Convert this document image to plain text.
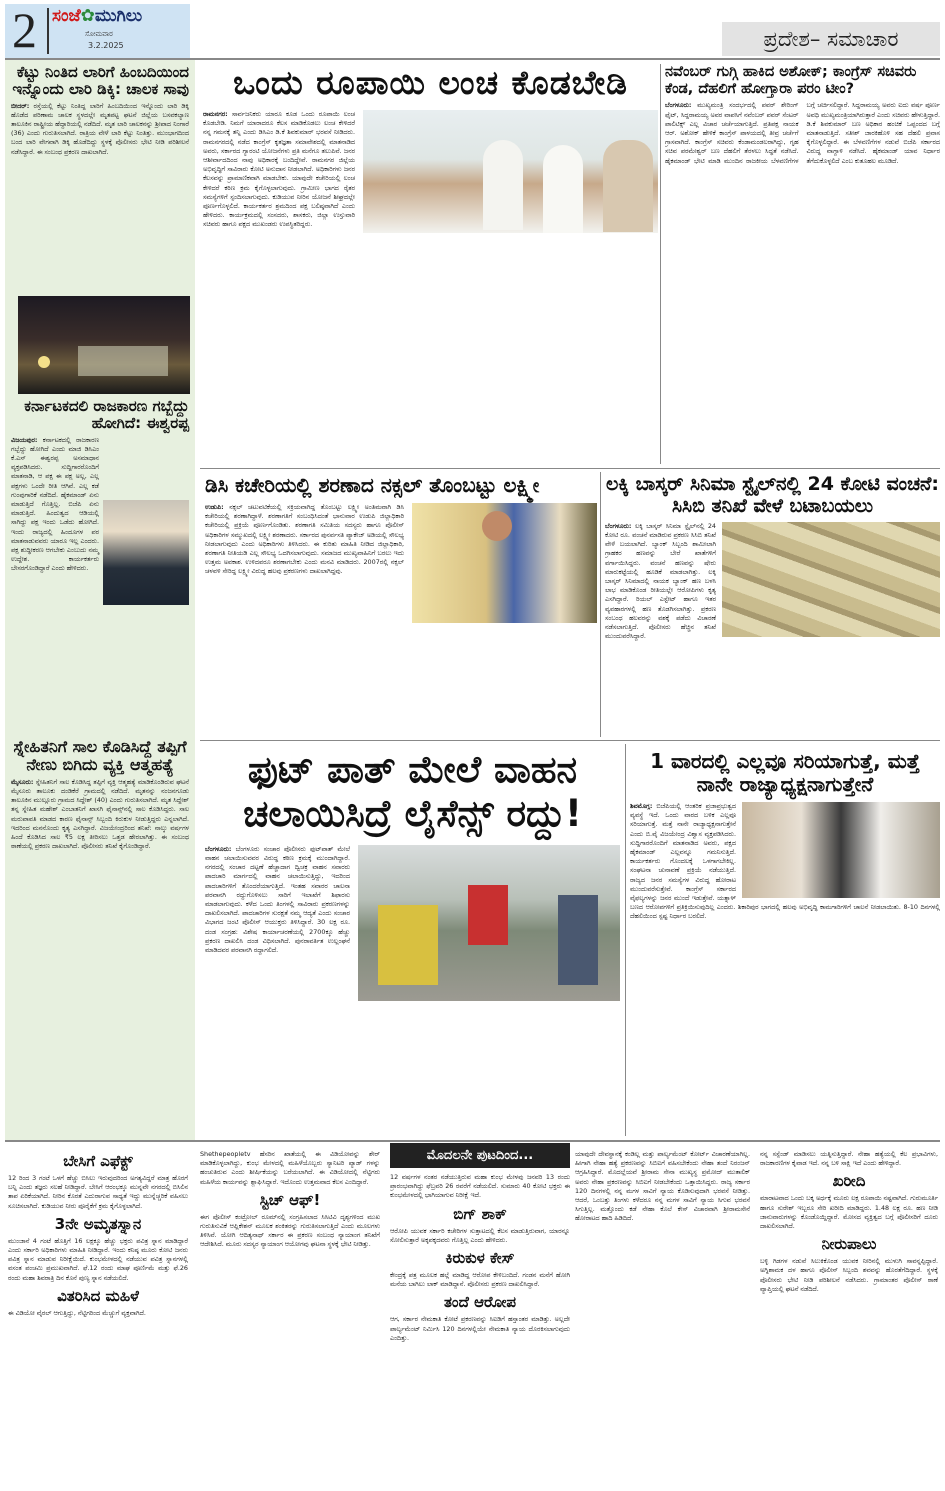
2 ಸಂಜೆ✿ಮುಗಿಲು
ಸೋಮವಾರ
3.2.2025	ಪ್ರದೇಶ– ಸಮಾಚಾರ
ಕೆಟ್ಟು ನಿಂತಿದ ಲಾರಿಗೆ ಹಿಂಬದಿಯಿಂದ ಇನ್ನೊಂದು ಲಾರಿ ಡಿಕ್ಕಿ: ಚಾಲಕ ಸಾವು
ಬೀದರ್: ರಸ್ತೆಯಲ್ಲಿ ಕೆಟ್ಟು ನಿಂತಿದ್ದ ಲಾರಿಗೆ ಹಿಂಬದಿಯಿಂದ ಇನ್ನೊಂದು ಲಾರಿ ಡಿಕ್ಕಿ ಹೊಡೆದ ಪರಿಣಾಮ ಚಾಲಕ ಸ್ಥಳದಲ್ಲೇ ಮೃತಪಟ್ಟ ಘಟನೆ ಜಿಲ್ಲೆಯ ಬಸವಕಲ್ಯಾಣ ತಾಲೂಕಿನ ರಾಷ್ಟ್ರೀಯ ಹೆದ್ದಾರಿಯಲ್ಲಿ ನಡೆದಿದೆ. ಮೃತ ಲಾರಿ ಚಾಲಕನನ್ನು ಶ್ರೀಪಾದ ನಿಂಗಾರೆ (36) ಎಂದು ಗುರುತಿಸಲಾಗಿದೆ. ರಾತ್ರಿಯ ವೇಳೆ ಲಾರಿ ಕೆಟ್ಟು ನಿಂತಿತ್ತು. ಮುಂಭಾಗದಿಂದ ಬಂದ ಲಾರಿ ವೇಗವಾಗಿ ಡಿಕ್ಕಿ ಹೊಡೆದಿದ್ದು ಸ್ಥಳಕ್ಕೆ ಪೊಲೀಸರು ಭೇಟಿ ನೀಡಿ ಪರಿಶೀಲನೆ ನಡೆಸಿದ್ದಾರೆ. ಈ ಸಂಬಂಧ ಪ್ರಕರಣ ದಾಖಲಾಗಿದೆ.
ಕರ್ನಾಟಕದಲಿ ರಾಜಕಾರಣ ಗಬ್ಬೆದ್ದು ಹೋಗಿದೆ: ಈಶ್ವರಪ್ಪ
ವಿಜಯಪುರ: ಕರ್ನಾಟಕದಲ್ಲಿ ರಾಜಕಾರಣ ಗಬ್ಬೆದ್ದು ಹೋಗಿದೆ ಎಂದು ಮಾಜಿ ಡಿಸಿಎಂ ಕೆ.ಎಸ್ ಈಶ್ವರಪ್ಪ ಅಸಮಾಧಾನ ವ್ಯಕ್ತಪಡಿಸಿದರು. ಸುದ್ದಿಗಾರರೊಂದಿಗೆ ಮಾತನಾಡಿ, ಆ ಪಕ್ಷ ಈ ಪಕ್ಷ ಅಲ್ಲ, ಎಲ್ಲ ಪಕ್ಷಗಳು ಒಂದೇ ರೀತಿ ಆಗಿವೆ. ಎಲ್ಲ ಕಡೆ ಗುಂಪುಗಾರಿಕೆ ನಡೆದಿದೆ. ಹೈಕಮಾಂಡ್ ಏನು ಮಾಡುತ್ತಿದೆ ಗೊತ್ತಿಲ್ಲ. ಬಿಜೆಪಿ ಏನು ಮಾಡುತ್ತಿದೆ. ಹಿಂದುತ್ವದ ಆಡಿಯಲ್ಲಿ ಸಾಗಿದ್ದು ಪಕ್ಷ ಇಂದು ಒಡೆದು ಹೋಗಿದೆ. ಇಂದು ರಾಜ್ಯದಲ್ಲಿ ಹಿಂದೂಗಳ ಪರ ಮಾತನಾಡುವವರು ಯಾರೂ ಇಲ್ಲ ಎಂದರು. ಪಕ್ಷ ಶುದ್ಧೀಕರಣ ಆಗಬೇಕು ಎಂಬುದು ನಮ್ಮ ಉದ್ದೇಶ. ಕಾರ್ಯಕರ್ತರು ಬೇಸರಗೊಂಡಿದ್ದಾರೆ ಎಂದು ಹೇಳಿದರು.
ಸ್ನೇಹಿತನಿಗೆ ಸಾಲ ಕೊಡಿಸಿದ್ದೆ ತಪ್ಪಿಗೆ ನೇಣು ಬಿಗಿದು ವ್ಯಕ್ತಿ ಆತ್ಮಹತ್ಯೆ
ಮೈಸೂರು: ಸ್ನೇಹಿತನಿಗೆ ಸಾಲ ಕೊಡಿಸಿದ್ದ ತಪ್ಪಿಗೆ ವ್ಯಕ್ತಿ ಆತ್ಮಹತ್ಯೆ ಮಾಡಿಕೊಂಡಿರುವ ಘಟನೆ ಮೈಸೂರು ತಾಲೂಕು ದಂಡಿಕೆರೆ ಗ್ರಾಮದಲ್ಲಿ ನಡೆದಿದೆ. ಮೃತನನ್ನು ನಂಜನಗೂಡು ತಾಲೂಕಿನ ಮುಲ್ಲೂರು ಗ್ರಾಮದ ಸಿದ್ದೇಶ್ (40) ಎಂದು ಗುರುತಿಸಲಾಗಿದೆ. ಮೃತ ಸಿದ್ದೇಶ್ ತನ್ನ ಸ್ನೇಹಿತ ಮಹೇಶ್ ಎಂಬಾತನಿಗೆ ಖಾಸಗಿ ಫೈನಾನ್ಸ್‌ನಲ್ಲಿ ಸಾಲ ಕೊಡಿಸಿದ್ದರು. ಸಾಲ ಮರುಪಾವತಿ ಮಾಡದ ಕಾರಣ ಫೈನಾನ್ಸ್ ಸಿಬ್ಬಂದಿ ಕಿರುಕುಳ ನೀಡುತ್ತಿದ್ದರು ಎನ್ನಲಾಗಿದೆ. ಇದರಿಂದ ಮನನೊಂದು ಕೃತ್ಯ ಎಸಗಿದ್ದಾರೆ. ವಿಜಯೇಂದ್ರರಿಂದ ತನಿಖೆ: ನಾಲ್ಕು ವರ್ಷಗಳ ಹಿಂದೆ ಕೊಡಿಸಿದ ಸಾಲ ₹5 ಲಕ್ಷ ತೀರಿಸಲು ಒತ್ತಡ ಹೇರಲಾಗಿತ್ತು. ಈ ಸಂಬಂಧ ಠಾಣೆಯಲ್ಲಿ ಪ್ರಕರಣ ದಾಖಲಾಗಿದೆ. ಪೊಲೀಸರು ತನಿಖೆ ಕೈಗೊಂಡಿದ್ದಾರೆ.
ಒಂದು ರೂಪಾಯಿ ಲಂಚ ಕೊಡಬೇಡಿ
ರಾಮನಗರ: ಸಾರ್ವಜನಿಕರು ಯಾರೂ ಕೂಡ ಒಂದು ರೂಪಾಯಿ ಲಂಚ ಕೊಡಬೇಡಿ. ನಿಮಗೆ ಯಾರಾದರೂ ಕೆಲಸ ಮಾಡಿಕೊಡಲು ಲಂಚ ಕೇಳಿದರೆ ನನ್ನ ಗಮನಕ್ಕೆ ತನ್ನಿ ಎಂದು ಡಿಸಿಎಂ ಡಿ.ಕೆ ಶಿವಕುಮಾರ್ ಭರವಸೆ ನೀಡಿದರು. ರಾಮನಗರದಲ್ಲಿ ನಡೆದ ಕಾಂಗ್ರೆಸ್ ಕೃತಜ್ಞತಾ ಸಮಾವೇಶದಲ್ಲಿ ಮಾತನಾಡಿದ ಅವರು, ಸರ್ಕಾರದ ಗ್ಯಾರಂಟಿ ಯೋಜನೆಗಳು ಪ್ರತಿ ಮನೆಗೂ ತಲುಪಿವೆ. ಜನರ ಆಶೀರ್ವಾದದಿಂದ ನಾವು ಅಧಿಕಾರಕ್ಕೆ ಬಂದಿದ್ದೇವೆ. ರಾಮನಗರ ಜಿಲ್ಲೆಯ ಅಭಿವೃದ್ಧಿಗೆ ಸಾವಿರಾರು ಕೋಟಿ ಅನುದಾನ ನೀಡಲಾಗಿದೆ. ಅಧಿಕಾರಿಗಳು ಜನರ ಕೆಲಸವನ್ನು ಪ್ರಾಮಾಣಿಕವಾಗಿ ಮಾಡಬೇಕು. ಯಾವುದೇ ಕಚೇರಿಯಲ್ಲಿ ಲಂಚ ಕೇಳಿದರೆ ಕಠಿಣ ಕ್ರಮ ಕೈಗೊಳ್ಳಲಾಗುವುದು. ಗ್ರಾಮೀಣ ಭಾಗದ ರೈತರ ಸಮಸ್ಯೆಗಳಿಗೆ ಸ್ಪಂದಿಸಲಾಗುವುದು. ಕುಡಿಯುವ ನೀರಿನ ಯೋಜನೆ ಶೀಘ್ರದಲ್ಲೇ ಪೂರ್ಣಗೊಳ್ಳಲಿದೆ. ಕಾರ್ಯಕರ್ತರ ಶ್ರಮದಿಂದ ಪಕ್ಷ ಬಲಿಷ್ಠವಾಗಿದೆ ಎಂದು ಹೇಳಿದರು. ಕಾರ್ಯಕ್ರಮದಲ್ಲಿ ಸಂಸದರು, ಶಾಸಕರು, ಜಿಲ್ಲಾ ಉಸ್ತುವಾರಿ ಸಚಿವರು ಹಾಗೂ ಪಕ್ಷದ ಮುಖಂಡರು ಉಪಸ್ಥಿತರಿದ್ದರು.
ನವೆಂಬರ್ ಗುಗ್ಗಿ ಹಾಕಿದ ಅಶೋಕ್; ಕಾಂಗ್ರೆಸ್ ಸಚಿವರು ಕೆಂಡ, ದೆಹಲಿಗೆ ಹೋಗ್ತಾರಾ ಪರಂ ಟೀಂ?
ಬೆಂಗಳೂರು: ಮುಖ್ಯಮಂತ್ರಿ ಸಂದರ್ಭದಲ್ಲಿ ಪವರ್ ಶೇರಿಂಗ್ ಫೈಟ್, ಸಿದ್ದರಾಮಯ್ಯ ಅವರ ವಾಪಸಿಗೆ ನವೆಂಬರ್ ಪವರ್ ಸೆಂಟರ್ ಪಾಲಿಟಿಕ್ಸ್ ಎಲ್ಲ ವಿಚಾರ ಚರ್ಚೆಯಾಗುತ್ತಿದೆ. ಪ್ರತಿಪಕ್ಷ ನಾಯಕ ಆರ್. ಅಶೋಕ್ ಹೇಳಿಕೆ ಕಾಂಗ್ರೆಸ್ ಪಾಳಯದಲ್ಲಿ ತೀವ್ರ ಚರ್ಚೆಗೆ ಗ್ರಾಸವಾಗಿದೆ. ಕಾಂಗ್ರೆಸ್ ಸಚಿವರು ಕೆಂಡಾಮಂಡಲರಾಗಿದ್ದು, ಗೃಹ ಸಚಿವ ಪರಮೇಶ್ವರ್ ಬಣ ದೆಹಲಿಗೆ ತೆರಳಲು ಸಿದ್ಧತೆ ನಡೆಸಿದೆ. ಹೈಕಮಾಂಡ್ ಭೇಟಿ ಮಾಡಿ ಮುಂದಿನ ರಾಜಕೀಯ ಬೆಳವಣಿಗೆಗಳ ಬಗ್ಗೆ ಚರ್ಚಿಸಲಿದ್ದಾರೆ. ಸಿದ್ದರಾಮಯ್ಯ ಅವರು ಐದು ವರ್ಷ ಪೂರ್ಣ ಅವಧಿ ಮುಖ್ಯಮಂತ್ರಿಯಾಗಿರುತ್ತಾರೆ ಎಂದು ಸಚಿವರು ಹೇಳುತ್ತಿದ್ದಾರೆ. ಡಿ.ಕೆ ಶಿವಕುಮಾರ್ ಬಣ ಅಧಿಕಾರ ಹಂಚಿಕೆ ಒಪ್ಪಂದದ ಬಗ್ಗೆ ಮಾತನಾಡುತ್ತಿದೆ. ಸತೀಶ್ ಜಾರಕಿಹೊಳಿ ಸಹ ದೆಹಲಿ ಪ್ರವಾಸ ಕೈಗೊಳ್ಳಲಿದ್ದಾರೆ. ಈ ಬೆಳವಣಿಗೆಗಳ ನಡುವೆ ಬಿಜೆಪಿ ಸರ್ಕಾರದ ವಿರುದ್ಧ ವಾಗ್ದಾಳಿ ನಡೆಸಿದೆ. ಹೈಕಮಾಂಡ್ ಯಾವ ನಿರ್ಧಾರ ತೆಗೆದುಕೊಳ್ಳಲಿದೆ ಎಂಬ ಕುತೂಹಲ ಮೂಡಿದೆ.
ಡಿಸಿ ಕಚೇರಿಯಲ್ಲಿ ಶರಣಾದ ನಕ್ಸಲ್ ತೊಂಬಟ್ಟು ಲಕ್ಷ್ಮೀ
ಉಡುಪಿ: ನಕ್ಸಲ್ ಚಟುವಟಿಕೆಯಲ್ಲಿ ಸಕ್ರಿಯವಾಗಿದ್ದ ತೊಂಬಟ್ಟು ಲಕ್ಷ್ಮೀ ಅಂತಿಮವಾಗಿ ಡಿಸಿ ಕಚೇರಿಯಲ್ಲಿ ಶರಣಾಗಿದ್ದಾಳೆ. ಶರಣಾಗತಿಗೆ ಸಂಬಂಧಿಸಿದಂತೆ ಭಾನುವಾರ ಉಡುಪಿ ಜಿಲ್ಲಾಧಿಕಾರಿ ಕಚೇರಿಯಲ್ಲಿ ಪ್ರಕ್ರಿಯೆ ಪೂರ್ಣಗೊಂಡಿತು. ಶರಣಾಗತಿ ಸಮಿತಿಯ ಸದಸ್ಯರು ಹಾಗೂ ಪೊಲೀಸ್ ಅಧಿಕಾರಿಗಳ ಸಮ್ಮುಖದಲ್ಲಿ ಲಕ್ಷ್ಮೀ ಶರಣಾದರು. ಸರ್ಕಾರದ ಪುನರ್ವಸತಿ ಪ್ಯಾಕೇಜ್ ಅಡಿಯಲ್ಲಿ ಸೌಲಭ್ಯ ನೀಡಲಾಗುವುದು ಎಂದು ಅಧಿಕಾರಿಗಳು ತಿಳಿಸಿದರು. ಈ ಕುರಿತು ಮಾಹಿತಿ ನೀಡಿದ ಜಿಲ್ಲಾಧಿಕಾರಿ, ಶರಣಾಗತಿ ನೀತಿಯಡಿ ಎಲ್ಲ ಸೌಲಭ್ಯ ಒದಗಿಸಲಾಗುವುದು. ಸಮಾಜದ ಮುಖ್ಯವಾಹಿನಿಗೆ ಬರಲು ಇದು ಉತ್ತಮ ಅವಕಾಶ. ಉಳಿದವರೂ ಶರಣಾಗಬೇಕು ಎಂದು ಮನವಿ ಮಾಡಿದರು. 2007ರಲ್ಲಿ ನಕ್ಸಲ್ ಚಳವಳಿ ಸೇರಿದ್ದ ಲಕ್ಷ್ಮೀ ವಿರುದ್ಧ ಹಲವು ಪ್ರಕರಣಗಳು ದಾಖಲಾಗಿದ್ದವು.
ಲಕ್ಕಿ ಬಾಸ್ಕರ್ ಸಿನಿಮಾ ಸ್ಟೈಲ್‌ನಲ್ಲಿ 24 ಕೋಟಿ ವಂಚನೆ: ಸಿಸಿಬಿ ತನಿಖೆ ವೇಳೆ ಬಟಾಬಯಲು
ಬೆಂಗಳೂರು: ಲಕ್ಕಿ ಬಾಸ್ಕರ್ ಸಿನಿಮಾ ಸ್ಟೈಲ್‌ನಲ್ಲಿ 24 ಕೋಟಿ ರೂ. ವಂಚನೆ ಮಾಡಿರುವ ಪ್ರಕರಣ ಸಿಸಿಬಿ ತನಿಖೆ ವೇಳೆ ಬಯಲಾಗಿದೆ. ಬ್ಯಾಂಕ್ ಸಿಬ್ಬಂದಿ ಶಾಮೀಲಾಗಿ ಗ್ರಾಹಕರ ಹಣವನ್ನು ಬೇರೆ ಖಾತೆಗಳಿಗೆ ವರ್ಗಾಯಿಸಿದ್ದರು. ವಂಚನೆ ಹಣವನ್ನು ಷೇರು ಮಾರುಕಟ್ಟೆಯಲ್ಲಿ ಹೂಡಿಕೆ ಮಾಡಲಾಗಿತ್ತು. ಲಕ್ಕಿ ಬಾಸ್ಕರ್ ಸಿನಿಮಾದಲ್ಲಿ ನಾಯಕ ಬ್ಯಾಂಕ್ ಹಣ ಬಳಸಿ ಲಾಭ ಮಾಡಿಕೊಂಡ ರೀತಿಯಲ್ಲೇ ಆರೋಪಿಗಳು ಕೃತ್ಯ ಎಸಗಿದ್ದಾರೆ. ರಿಯಲ್ ಎಸ್ಟೇಟ್ ಹಾಗೂ ಇತರ ವ್ಯವಹಾರಗಳಲ್ಲಿ ಹಣ ತೊಡಗಿಸಲಾಗಿತ್ತು. ಪ್ರಕರಣ ಸಂಬಂಧ ಹಲವರನ್ನು ವಶಕ್ಕೆ ಪಡೆದು ವಿಚಾರಣೆ ನಡೆಸಲಾಗುತ್ತಿದೆ. ಪೊಲೀಸರು ಹೆಚ್ಚಿನ ತನಿಖೆ ಮುಂದುವರೆಸಿದ್ದಾರೆ.
ಫುಟ್ ಪಾತ್ ಮೇಲೆ ವಾಹನ ಚಲಾಯಿಸಿದ್ರೆ ಲೈಸೆನ್ಸ್ ರದ್ದು!
ಬೆಂಗಳೂರು: ಬೆಂಗಳೂರು ಸಂಚಾರ ಪೊಲೀಸರು ಫುಟ್‌ಪಾತ್ ಮೇಲೆ ವಾಹನ ಚಲಾಯಿಸುವವರ ವಿರುದ್ಧ ಕಠಿಣ ಕ್ರಮಕ್ಕೆ ಮುಂದಾಗಿದ್ದಾರೆ. ನಗರದಲ್ಲಿ ಸಂಚಾರ ದಟ್ಟಣೆ ಹೆಚ್ಚಾದಾಗ ದ್ವಿಚಕ್ರ ವಾಹನ ಸವಾರರು ಪಾದಚಾರಿ ಮಾರ್ಗದಲ್ಲಿ ವಾಹನ ಚಲಾಯಿಸುತ್ತಿದ್ದು, ಇದರಿಂದ ಪಾದಚಾರಿಗಳಿಗೆ ತೊಂದರೆಯಾಗುತ್ತಿದೆ. ಇಂತಹ ಸವಾರರ ಚಾಲನಾ ಪರವಾನಗಿ ರದ್ದುಗೊಳಿಸಲು ಸಾರಿಗೆ ಇಲಾಖೆಗೆ ಶಿಫಾರಸು ಮಾಡಲಾಗುವುದು. ಕಳೆದ ಒಂದು ತಿಂಗಳಲ್ಲಿ ಸಾವಿರಾರು ಪ್ರಕರಣಗಳನ್ನು ದಾಖಲಿಸಲಾಗಿದೆ. ಪಾದಚಾರಿಗಳ ಸುರಕ್ಷತೆ ನಮ್ಮ ಆದ್ಯತೆ ಎಂದು ಸಂಚಾರ ವಿಭಾಗದ ಜಂಟಿ ಪೊಲೀಸ್ ಆಯುಕ್ತರು ತಿಳಿಸಿದ್ದಾರೆ. 30 ಲಕ್ಷ ರೂ. ದಂಡ ಸಂಗ್ರಹ: ವಿಶೇಷ ಕಾರ್ಯಾಚರಣೆಯಲ್ಲಿ 2700ಕ್ಕೂ ಹೆಚ್ಚು ಪ್ರಕರಣ ದಾಖಲಿಸಿ ದಂಡ ವಿಧಿಸಲಾಗಿದೆ. ಪುನರಾವರ್ತಿತ ಉಲ್ಲಂಘನೆ ಮಾಡಿದವರ ಪರವಾನಗಿ ರದ್ದಾಗಲಿದೆ.
1 ವಾರದಲ್ಲಿ ಎಲ್ಲವೂ ಸರಿಯಾಗುತ್ತೆ, ಮತ್ತೆ ನಾನೇ ರಾಜ್ಯಾಧ್ಯಕ್ಷನಾಗುತ್ತೇನೆ
ಶಿವಮೊಗ್ಗ: ಬಿಜೆಪಿಯಲ್ಲಿ ಆಂತರಿಕ ಪ್ರಜಾಪ್ರಭುತ್ವದ ವ್ಯವಸ್ಥೆ ಇದೆ. ಒಂದು ವಾರದ ಬಳಿಕ ಎಲ್ಲವೂ ಸರಿಯಾಗುತ್ತೆ. ಮತ್ತೆ ನಾನೇ ರಾಜ್ಯಾಧ್ಯಕ್ಷನಾಗುತ್ತೇನೆ ಎಂದು ಬಿ.ವೈ ವಿಜಯೇಂದ್ರ ವಿಶ್ವಾಸ ವ್ಯಕ್ತಪಡಿಸಿದರು. ಸುದ್ದಿಗಾರರೊಂದಿಗೆ ಮಾತನಾಡಿದ ಅವರು, ಪಕ್ಷದ ಹೈಕಮಾಂಡ್ ಎಲ್ಲವನ್ನೂ ಗಮನಿಸುತ್ತಿದೆ. ಕಾರ್ಯಕರ್ತರು ಗೊಂದಲಕ್ಕೆ ಒಳಗಾಗಬೇಕಿಲ್ಲ. ಸಂಘಟನಾ ಚುನಾವಣೆ ಪ್ರಕ್ರಿಯೆ ನಡೆಯುತ್ತಿದೆ. ರಾಜ್ಯದ ಜನರ ಸಮಸ್ಯೆಗಳ ವಿರುದ್ಧ ಹೋರಾಟ ಮುಂದುವರೆಸುತ್ತೇವೆ. ಕಾಂಗ್ರೆಸ್ ಸರ್ಕಾರದ ವೈಫಲ್ಯಗಳನ್ನು ಜನರ ಮುಂದೆ ಇಡುತ್ತೇವೆ. ಯತ್ನಾಳ್ ಬಣದ ಆರೋಪಗಳಿಗೆ ಪ್ರತಿಕ್ರಿಯಿಸುವುದಿಲ್ಲ ಎಂದರು. ಶಿಕಾರಿಪುರ ಭಾಗದಲ್ಲಿ ಹಲವು ಅಭಿವೃದ್ಧಿ ಕಾಮಗಾರಿಗಳಿಗೆ ಚಾಲನೆ ನೀಡಲಾಯಿತು. 8-10 ದಿನಗಳಲ್ಲಿ ದೆಹಲಿಯಿಂದ ಸ್ಪಷ್ಟ ನಿರ್ಧಾರ ಬರಲಿದೆ.
ಬೇಸಿಗೆ ಎಫೆಕ್ಟ್
12 ರಿಂದ 3 ಗಂಟೆ ಒಳಗೆ ಹೆಚ್ಚು ಬಿಸಿಲು ಇರುವುದರಿಂದ ಅಗತ್ಯವಿದ್ದರೆ ಮಾತ್ರ ಹೊರಗೆ ಬನ್ನಿ ಎಂದು ತಜ್ಞರು ಸಲಹೆ ನೀಡಿದ್ದಾರೆ. ಬೇಸಿಗೆ ಆರಂಭಕ್ಕೂ ಮುನ್ನವೇ ನಗರದಲ್ಲಿ ಬಿಸಿಲಿನ ತಾಪ ಏರಿಕೆಯಾಗಿದೆ. ನೀರಿನ ಕೊರತೆ ಎದುರಾಗುವ ಸಾಧ್ಯತೆ ಇದ್ದು ಮುನ್ನೆಚ್ಚರಿಕೆ ವಹಿಸಲು ಸೂಚಿಸಲಾಗಿದೆ. ಕುಡಿಯುವ ನೀರು ಪೂರೈಕೆಗೆ ಕ್ರಮ ಕೈಗೊಳ್ಳಲಾಗಿದೆ.
3ನೇ ಅಮೃತಸ್ನಾನ
ಮುಂಜಾನೆ 4 ಗಂಟೆ ಹೊತ್ತಿಗೆ 16 ಲಕ್ಷಕ್ಕೂ ಹೆಚ್ಚು ಭಕ್ತರು ಪವಿತ್ರ ಸ್ನಾನ ಮಾಡಿದ್ದಾರೆ ಎಂದು ಸರ್ಕಾರಿ ಅಧಿಕಾರಿಗಳು ಮಾಹಿತಿ ನೀಡಿದ್ದಾರೆ. ಇಂದು ಕನಿಷ್ಠ ಮೂರು ಕೋಟಿ ಜನರು ಪವಿತ್ರ ಸ್ನಾನ ಮಾಡುವ ನಿರೀಕ್ಷೆಯಿದೆ. ಕುಂಭಮೇಳದಲ್ಲಿ ನಡೆಯುವ ಪವಿತ್ರ ಸ್ನಾನಗಳಲ್ಲಿ ವಸಂತ ಪಂಚಮಿ ಪ್ರಮುಖವಾಗಿದೆ. ಫೆ.12 ರಂದು ಮಾಘ ಪೂರ್ಣಿಮೆ ಮತ್ತು ಫೆ.26 ರಂದು ಮಹಾ ಶಿವರಾತ್ರಿ ದಿನ ಕೊನೆ ಪುಣ್ಯ ಸ್ನಾನ ನಡೆಯಲಿದೆ.
ವಿತರಿಸಿದ ಮಹಿಳೆ
ಈ ವಿಡಿಯೋ ವೈರಲ್ ಆಗುತ್ತಿದ್ದು, ನೆಟ್ಟಿಗರಿಂದ ಮೆಚ್ಚುಗೆ ವ್ಯಕ್ತವಾಗಿದೆ.
Shethepeopletv ಹೆಸರಿನ ಖಾತೆಯಲ್ಲಿ ಈ ವಿಡಿಯೋವನ್ನು ಶೇರ್ ಮಾಡಿಕೊಳ್ಳಲಾಗಿದ್ದು, ಕುಂಭ ಮೇಳದಲ್ಲಿ ಮಹಿಳೆಯೊಬ್ಬರು ಸ್ಯಾನಿಟರಿ ಪ್ಯಾಡ್ ಗಳನ್ನು ಹಂಚುತಿರುವ ಎಂದು ಶೀರ್ಷಿಕೆಯನ್ನು ಬರೆಯಲಾಗಿದೆ. ಈ ವಿಡಿಯೋದಲ್ಲಿ ನೆಟ್ಟಿಗರು ಮಹಿಳೆಯ ಕಾರ್ಯವನ್ನು ಶ್ಲಾಘಿಸಿದ್ದಾರೆ. ಇದೊಂದು ಉತ್ತಮವಾದ ಕೆಲಸ ಎಂದಿದ್ದಾರೆ.
ಸ್ಟಿಚ್ ಆಫ್!
ಈಗ ಪೊಲೀಸ್ ಕಂಟ್ರೋಲ್ ರೂಮ್‌ನಲ್ಲಿ ಸಂಗ್ರಹಿಸಲಾದ ಸಿಸಿಟಿವಿ ದೃಶ್ಯಗಳಿಂದ ಮುಖ ಗುರುತಿಸುವಿಕೆ ಆಪ್ಲಿಕೇಶನ್ ಮೂಲಕ ಶಂಕಿತರನ್ನು ಗುರುತಿಸಲಾಗುತ್ತಿದೆ ಎಂದು ಮೂಲಗಳು ತಿಳಿಸಿವೆ. ಯೋಗಿ ಆದಿತ್ಯನಾಥ್ ಸರ್ಕಾರ ಈ ಪ್ರಕರಣ ಸಂಬಂಧ ನ್ಯಾಯಾಂಗ ತನಿಖೆಗೆ ಆದೇಶಿಸಿದೆ. ಮೂರು ಸದಸ್ಯರ ನ್ಯಾಯಾಂಗ ಆಯೋಗವು ಘಟನಾ ಸ್ಥಳಕ್ಕೆ ಭೇಟಿ ನೀಡಿತ್ತು.
ಮೊದಲನೇ ಪುಟದಿಂದ...
12 ವರ್ಷಗಳ ನಂತರ ನಡೆಯುತ್ತಿರುವ ಮಹಾ ಕುಂಭ ಮೇಳವು ಜನವರಿ 13 ರಂದು ಪ್ರಾರಂಭವಾಗಿದ್ದು ಫೆಬ್ರವರಿ 26 ರವರೆಗೆ ನಡೆಯಲಿದೆ. ಸುಮಾರು 40 ಕೋಟಿ ಭಕ್ತರು ಈ ಕುಂಭಮೇಳದಲ್ಲಿ ಭಾಗಿಯಾಗುವ ನಿರೀಕ್ಷೆ ಇದೆ.
ಬಿಗ್ ಶಾಕ್
ಆರೋಪಿ ಯುವಕ ಸರ್ಕಾರಿ ಕಚೇರಿಗಳ ಸುತ್ತಾಟದಲ್ಲಿ ಕೆಲಸ ಮಾಡುತ್ತಿರುವಾಗ, ಯಾರನ್ನೂ ಸೋಲಿಸುತ್ತಾರೆ ಅಕ್ಕಪಕ್ಕದವರು ಗೊತ್ತಿಲ್ಲ ಎಂದು ಹೇಳಿದರು.
ಕಿರುಕುಳ ಕೇಸ್
ಕೇಂದ್ರಕ್ಕೆ ಪತ್ರ ಮೂಲಕ ಹಲ್ಲೆ ಮಾಡಿದ್ದ ಆರೋಪ ಕೇಳಿಬಂದಿದೆ. ಗಂಡನ ಮನೆಗೆ ಹೋಗಿ ಮನೆಯ ಬಾಗಿಲು ಲಾಕ್ ಮಾಡಿದ್ದಾನೆ. ಪೊಲೀಸರು ಪ್ರಕರಣ ದಾಖಲಿಸಿದ್ದಾರೆ.
ತಂದೆ ಆರೋಪ
ಆಗ, ಸರ್ಕಾರ ನೇಮಕಾತಿ ಕೋಟೆ ಪ್ರಕರಣವನ್ನು ಸಿಐಡಿಗೆ ಹಸ್ತಾಂತರ ಮಾಡಿತ್ತು. ಅಲ್ಲದೇ ಪಾರ್ಲ್ಯಮೆಂಟ್ ನಿರ್ಮಿಸಿ 120 ದಿನಗಳಲ್ಲಿಯೇ ನೇಮಕಾತಿ ನ್ಯಾಯ ದೊರಕಿಸಲಾಗುವುದು ಎಂದಿತ್ತು.
ಯಾವುದೇ ದೇವಸ್ಥಾನಕ್ಕೆ ಕಂಡಿಲ್ಲ ಮತ್ತು ಪಾರ್ಲ್ಯಮೆಂಟ್ ಕೋರ್ಟ್ ವಿಚಾರಣೆಯಾಗಿಲ್ಲ. ಹೀಗಾಗಿ ನೇಹಾ ಹತ್ಯೆ ಪ್ರಕರಣವನ್ನು ಸಿಬಿಐಗೆ ವಹಿಸಬೇಕೆಂದು ನೇಹಾ ತಂದೆ ನಿರಂಜನ್ ಆಗ್ರಹಿಸಿದ್ದಾರೆ. ಮೊದಲ್ಲೆಯವೆ ಶ್ರೀರಾಮ ಸೇನಾ ಮುಖ್ಯಸ್ಥ ಪ್ರಮೋದ್ ಮುತಾಲಿಕ್ ಅವರು ನೇಹಾ ಪ್ರಕರಣವನ್ನು ಸಿಬಿಐಗೆ ನೀಡಬೇಕೆಂದು ಒತ್ತಾಯಿಸಿದ್ದರು. ರಾಜ್ಯ ಸರ್ಕಾರ 120 ದಿನಗಳಲ್ಲಿ ನನ್ನ ಮಗಳ ಸಾವಿಗೆ ನ್ಯಾಯ ಕೊಡಿಸುವುದಾಗಿ ಭರವಸೆ ನೀಡಿತ್ತು. ಆದರೆ, ಒಂಬತ್ತು ತಿಂಗಳು ಕಳೆದರೂ ನನ್ನ ಮಗಳ ಸಾವಿಗೆ ನ್ಯಾಯ ಸಿಗುವ ಭರವಸೆ ಸಿಗುತ್ತಿಲ್ಲ. ಮತ್ತೊಂದು ಕಡೆ ನೇಹಾ ಕೊಲೆ ಕೇಸ್ ವಿಚಾರವಾಗಿ ಶ್ರೀರಾಮಸೇನೆ ಹೋರಾಟದ ಹಾದಿ ಹಿಡಿದಿದೆ.
ನನ್ನ ಸಸ್ಪೆಂಡ್ ಮಾಡಿಸಲು ಯತ್ನಿಸುತ್ತಿದ್ದಾರೆ. ನೇಹಾ ಹತ್ಯೆಯಲ್ಲಿ ಕೆಲ ಪ್ರಭಾವಿಗಳು, ರಾಜಕಾರಣಿಗಳ ಕೈವಾಡ ಇದೆ. ನನ್ನ ಬಳಿ ಸಾಕ್ಷಿ ಇದೆ ಎಂದು ಹೇಳಿದ್ದಾರೆ.
ಖರೀದಿ
ಮಾರಾಟವಾದ ಒಂದು ಬಕ್ಕ ಅರ್ಧಕ್ಕೆ ಮೂರು ಲಕ್ಷ ರೂಪಾಯಿ ನಷ್ಟವಾಗಿದೆ. ಗುರುಮೂರ್ತಿ ಹಾಗೂ ಸುರೇಶ್ ಇಬ್ಬರೂ ಸೇರಿ ಖರೀದಿ ಮಾಡಿದ್ದರು. 1.48 ಲಕ್ಷ ರೂ. ಹಣ ನೀಡಿ ಜಾನುವಾರುಗಳನ್ನು ಕೊಂಡೊಯ್ದಿದ್ದಾರೆ. ಮೋಸದ ವ್ಯಕ್ತಿತ್ವದ ಬಗ್ಗೆ ಪೊಲೀಸರಿಗೆ ದೂರು ದಾಖಲಿಸಲಾಗಿದೆ.
ನೀರುಪಾಲು
ಬಳ್ಳಿ ಗಿಡಗಳ ನಡುವೆ ಸಿಲುಕಿಕೊಂಡ ಯುವಕ ನೀರಿನಲ್ಲಿ ಮುಳುಗಿ ಸಾವನ್ನಪ್ಪಿದ್ದಾರೆ. ಅಗ್ನಿಶಾಮಕ ದಳ ಹಾಗೂ ಪೊಲೀಸ್ ಸಿಬ್ಬಂದಿ ಶವವನ್ನು ಹೊರತೆಗೆದಿದ್ದಾರೆ. ಸ್ಥಳಕ್ಕೆ ಪೊಲೀಸರು ಭೇಟಿ ನೀಡಿ ಪರಿಶೀಲನೆ ನಡೆಸಿದರು. ಗ್ರಾಮಾಂತರ ಪೊಲೀಸ್ ಠಾಣೆ ವ್ಯಾಪ್ತಿಯಲ್ಲಿ ಘಟನೆ ನಡೆದಿದೆ.
